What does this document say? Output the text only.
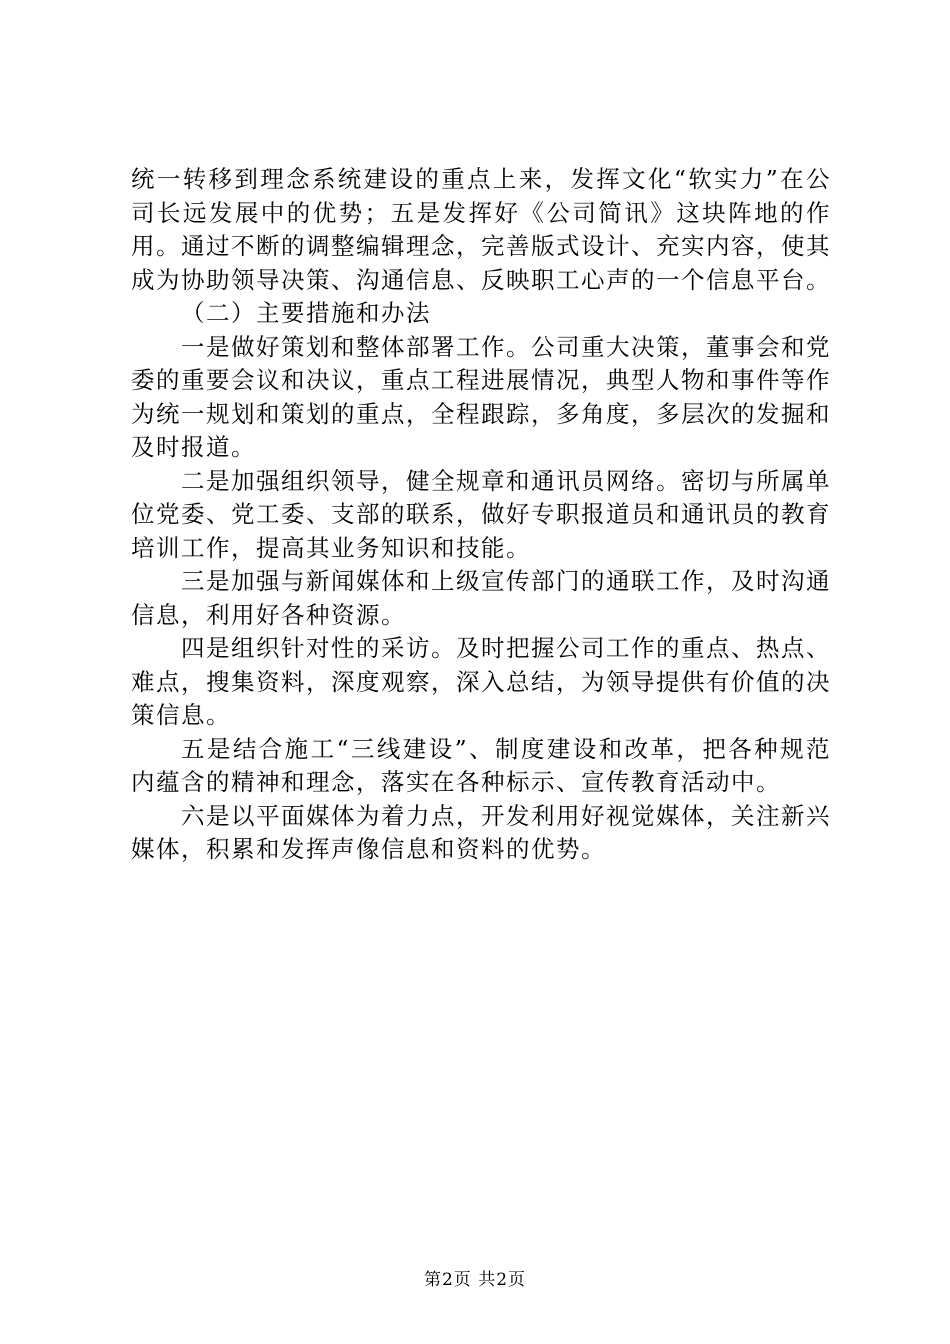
统一转移到理念系统建设的重点上来，发挥文化“软实力”在公司长远发展中的优势；五是发挥好《公司简讯》这块阵地的作用。通过不断的调整编辑理念，完善版式设计、充实内容，使其成为协助领导决策、沟通信息、反映职工心声的一个信息平台。

（二）主要措施和办法

一是做好策划和整体部署工作。公司重大决策，董事会和党委的重要会议和决议，重点工程进展情况，典型人物和事件等作为统一规划和策划的重点，全程跟踪，多角度，多层次的发掘和及时报道。

二是加强组织领导，健全规章和通讯员网络。密切与所属单位党委、党工委、支部的联系，做好专职报道员和通讯员的教育培训工作，提高其业务知识和技能。

三是加强与新闻媒体和上级宣传部门的通联工作，及时沟通信息，利用好各种资源。

四是组织针对性的采访。及时把握公司工作的重点、热点、难点，搜集资料，深度观察，深入总结，为领导提供有价值的决策信息。

五是结合施工“三线建设”、制度建设和改革，把各种规范内蕴含的精神和理念，落实在各种标示、宣传教育活动中。

六是以平面媒体为着力点，开发利用好视觉媒体，关注新兴媒体，积累和发挥声像信息和资料的优势。

第2页 共2页
